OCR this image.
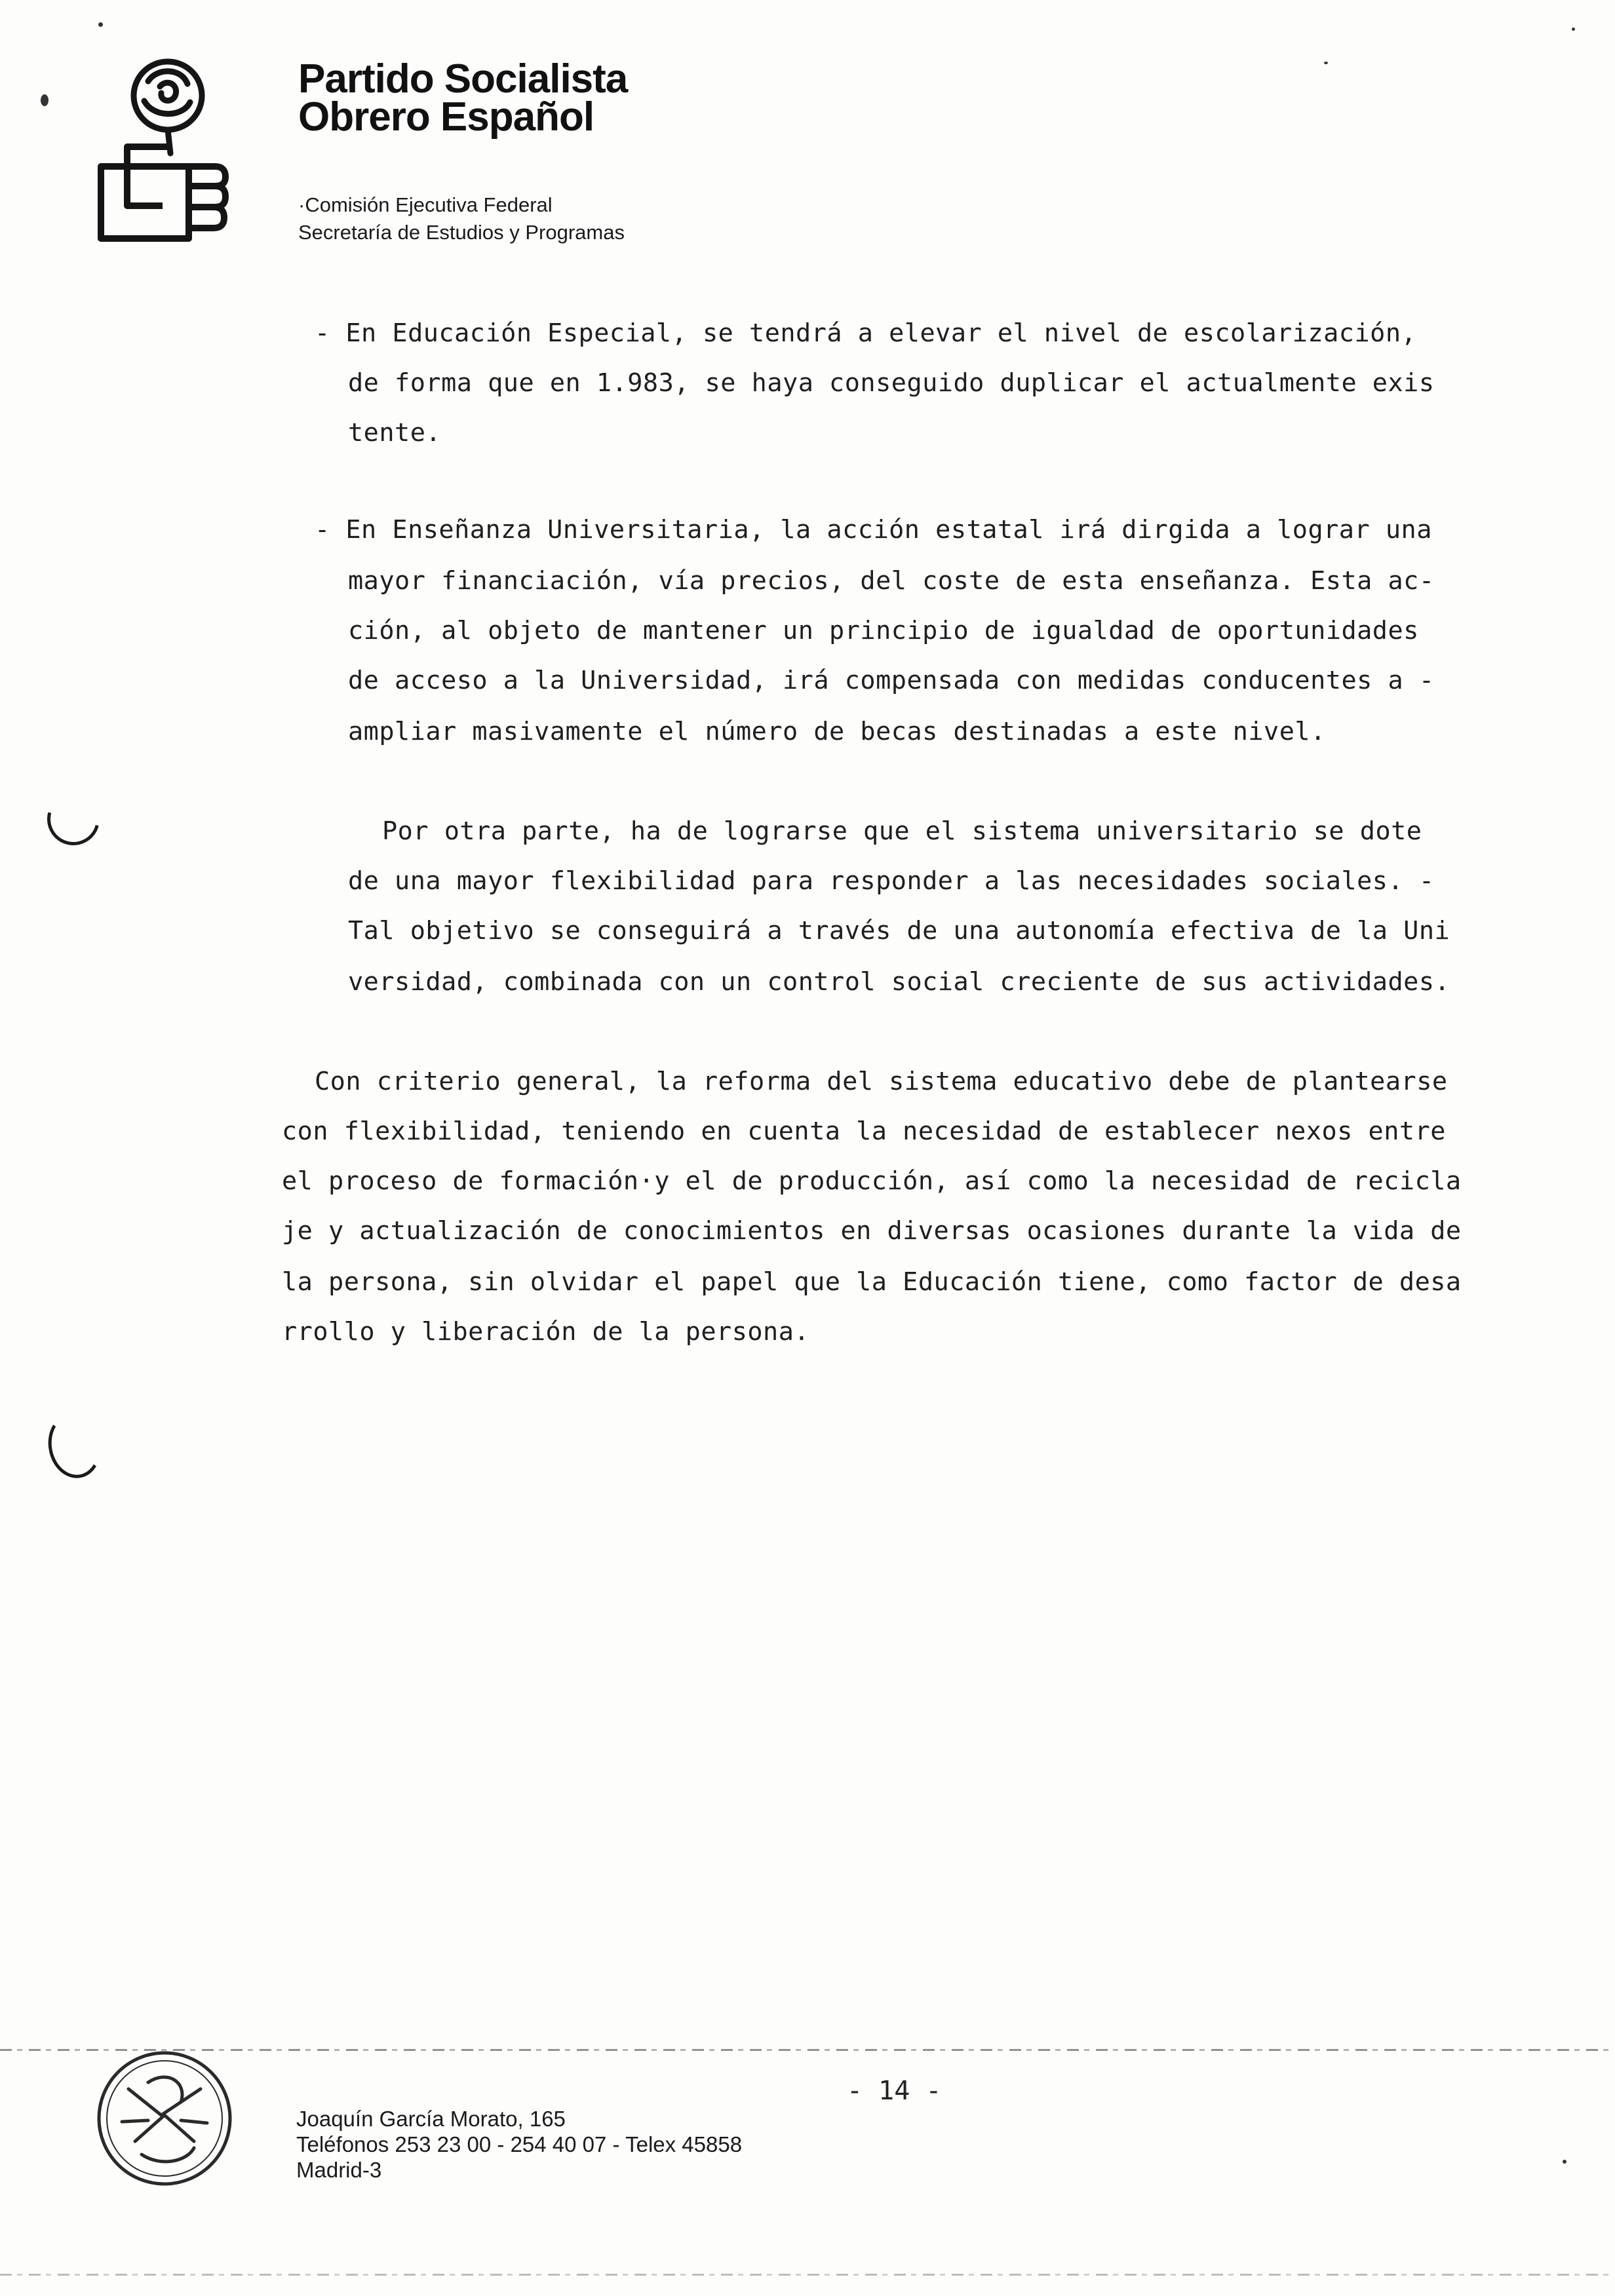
Partido Socialista
Obrero Español
·Comisión Ejecutiva Federal
Secretaría de Estudios y Programas
- En Educación Especial, se tendrá a elevar el nivel de escolarización,
de forma que en 1.983, se haya conseguido duplicar el actualmente exis
tente.
- En Enseñanza Universitaria, la acción estatal irá dirgida a lograr una
mayor financiación, vía precios, del coste de esta enseñanza. Esta ac-
ción, al objeto de mantener un principio de igualdad de oportunidades
de acceso a la Universidad, irá compensada con medidas conducentes a -
ampliar masivamente el número de becas destinadas a este nivel.
Por otra parte, ha de lograrse que el sistema universitario se dote
de una mayor flexibilidad para responder a las necesidades sociales. -
Tal objetivo se conseguirá a través de una autonomía efectiva de la Uni
versidad, combinada con un control social creciente de sus actividades.
Con criterio general, la reforma del sistema educativo debe de plantearse
con flexibilidad, teniendo en cuenta la necesidad de establecer nexos entre
el proceso de formación·y el de producción, así como la necesidad de recicla
je y actualización de conocimientos en diversas ocasiones durante la vida de
la persona, sin olvidar el papel que la Educación tiene, como factor de desa
rrollo y liberación de la persona.
- 14 -
Joaquín García Morato, 165
Teléfonos 253 23 00 - 254 40 07 - Telex 45858
Madrid-3
